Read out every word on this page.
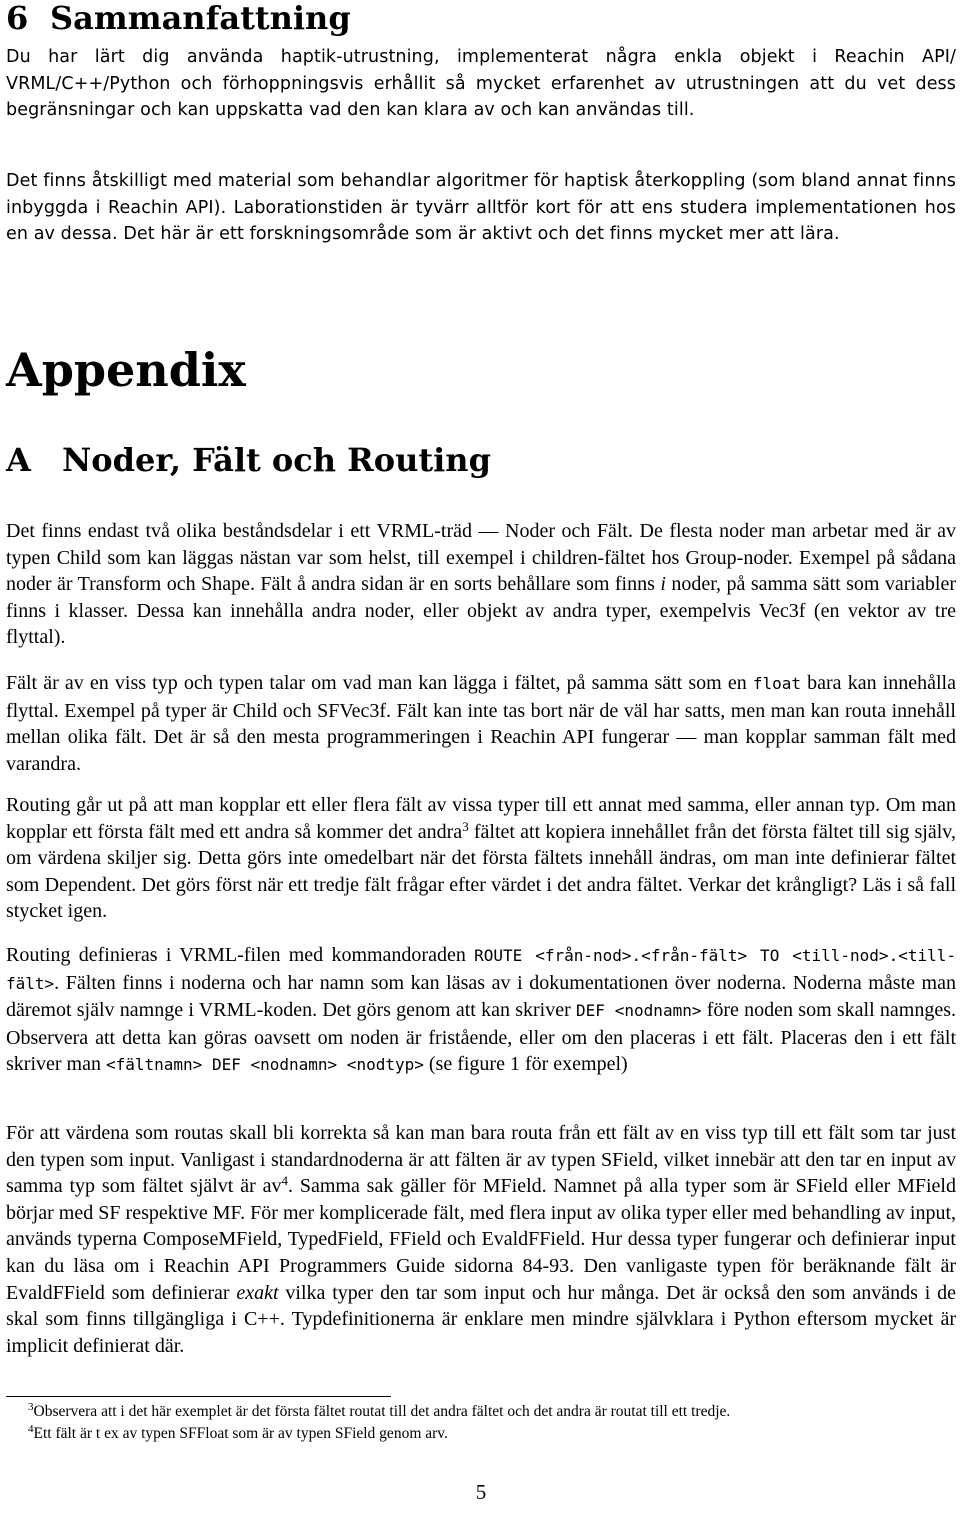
6 Sammanfattning

Du har lärt dig använda haptik-utrustning, implementerat några enkla objekt i Reachin API/ VRML/C++/Python och förhoppningsvis erhållit så mycket erfarenhet av utrustningen att du vet dess begränsningar och kan uppskatta vad den kan klara av och kan användas till.

Det finns åtskilligt med material som behandlar algoritmer för haptisk återkoppling (som bland annat finns inbyggda i Reachin API). Laborationstiden är tyvärr alltför kort för att ens studera implementationen hos en av dessa. Det här är ett forskningsområde som är aktivt och det finns mycket mer att lära.

Appendix
A Noder, Fält och Routing

Det finns endast två olika beståndsdelar i ett VRML-träd — Noder och Fält. De flesta noder man arbetar med är av typen Child som kan läggas nästan var som helst, till exempel i children-fältet hos Group-noder. Exempel på sådana noder är Transform och Shape. Fält å andra sidan är en sorts behållare som finns i noder, på samma sätt som variabler finns i klasser. Dessa kan innehålla andra noder, eller objekt av andra typer, exempelvis Vec3f (en vektor av tre flyttal).

Fält är av en viss typ och typen talar om vad man kan lägga i fältet, på samma sätt som en float bara kan innehålla flyttal. Exempel på typer är Child och SFVec3f. Fält kan inte tas bort när de väl har satts, men man kan routa innehåll mellan olika fält. Det är så den mesta programmeringen i Reachin API fungerar — man kopplar samman fält med varandra.

Routing går ut på att man kopplar ett eller flera fält av vissa typer till ett annat med samma, eller annan typ. Om man kopplar ett första fält med ett andra så kommer det andra$^3$ fältet att kopiera innehållet från det första fältet till sig själv, om värdena skiljer sig. Detta görs inte omedelbart när det första fältets innehåll ändras, om man inte definierar fältet som Dependent. Det görs först när ett tredje fält frågar efter värdet i det andra fältet. Verkar det krångligt? Läs i så fall stycket igen.

Routing definieras i VRML-filen med kommandoraden ROUTE <från-nod>.<från-fält> TO <till-nod>.<till-fält>. Fälten finns i noderna och har namn som kan läsas av i dokumentationen över noderna. Noderna måste man däremot själv namnge i VRML-koden. Det görs genom att kan skriver DEF <nodnamn> före noden som skall namnges. Observera att detta kan göras oavsett om noden är fristående, eller om den placeras i ett fält. Placeras den i ett fält skriver man <fältnamn> DEF <nodnamn> <nodtyp> (se figure 1 för exempel)

För att värdena som routas skall bli korrekta så kan man bara routa från ett fält av en viss typ till ett fält som tar just den typen som input. Vanligast i standardnoderna är att fälten är av typen SField, vilket innebär att den tar en input av samma typ som fältet självt är $av^4$. Samma sak gäller för MField. Namnet på alla typer som är SField eller MField börjar med SF respektive MF. För mer komplicerade fält, med flera input av olika typer eller med behandling av input, används typerna ComposeMField, TypedField, FField och EvaldFField. Hur dessa typer fungerar och definierar input kan du läsa om i Reachin API Programmers Guide sidorna 84-93. Den vanligaste typen för beräknande fält är EvaldFField som definierar exakt vilka typer den tar som input och hur många. Det är också den som används i de skal som finns tillgängliga i C++. Typdefinitionerna är enklare men mindre självklara i Python eftersom mycket är implicit definierat där.

$^3$Observera att i det här exemplet är det första fältet routat till det andra fältet och det andra är routat till ett tredje.

$^4$Ett fält är t ex av typen SFFloat som är av typen SField genom arv.

5
